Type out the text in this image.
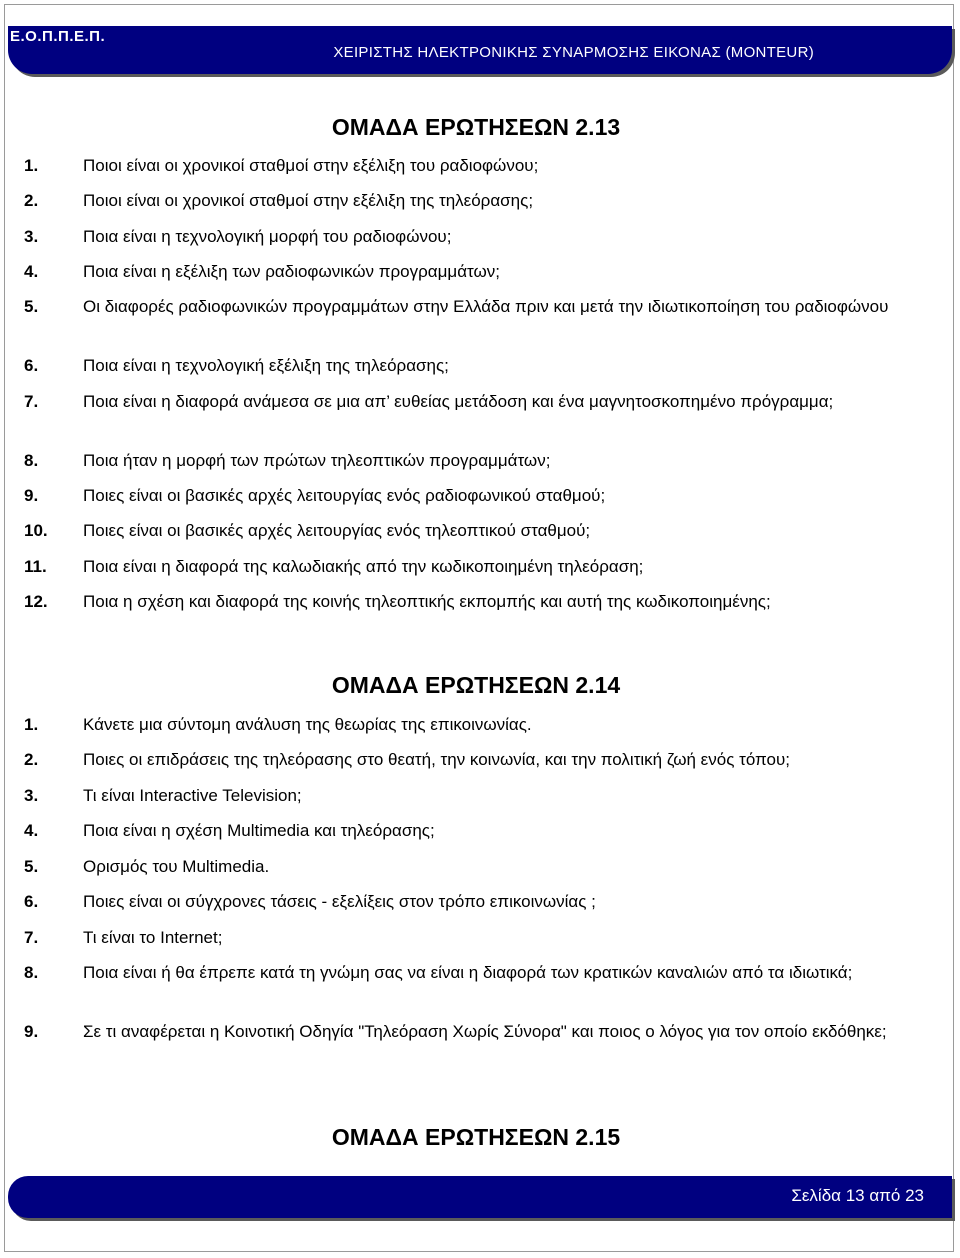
Ε.Ο.Π.Π.Ε.Π.
ΧΕΙΡΙΣΤΗΣ ΗΛΕΚΤΡΟΝΙΚΗΣ ΣΥΝΑΡΜΟΣΗΣ ΕΙΚΟΝΑΣ (MONTEUR)
ΟΜΑΔΑ ΕΡΩΤΗΣΕΩΝ 2.13
1.	Ποιοι είναι οι χρονικοί σταθμοί στην εξέλιξη του ραδιοφώνου;
2.	Ποιοι είναι οι χρονικοί σταθμοί στην εξέλιξη της τηλεόρασης;
3.	Ποια είναι η τεχνολογική μορφή του ραδιοφώνου;
4.	Ποια είναι η εξέλιξη των ραδιοφωνικών προγραμμάτων;
5.	Οι διαφορές ραδιοφωνικών προγραμμάτων στην Ελλάδα πριν και μετά την ιδιωτικοποίηση του ραδιοφώνου
6.	Ποια είναι η τεχνολογική εξέλιξη της τηλεόρασης;
7.	Ποια είναι η διαφορά ανάμεσα σε μια απ’ ευθείας μετάδοση και ένα μαγνητοσκοπημένο πρόγραμμα;
8.	Ποια ήταν η μορφή των πρώτων τηλεοπτικών προγραμμάτων;
9.	Ποιες είναι οι βασικές αρχές λειτουργίας ενός ραδιοφωνικού σταθμού;
10. Ποιες είναι οι βασικές αρχές λειτουργίας ενός τηλεοπτικού σταθμού;
11. Ποια είναι η διαφορά της καλωδιακής από την κωδικοποιημένη τηλεόραση;
12. Ποια η σχέση και διαφορά της κοινής τηλεοπτικής εκπομπής και αυτή της κωδικοποιημένης;
ΟΜΑΔΑ ΕΡΩΤΗΣΕΩΝ 2.14
1.	Κάνετε μια σύντομη ανάλυση της θεωρίας της επικοινωνίας.
2.	Ποιες οι επιδράσεις της τηλεόρασης στο θεατή, την κοινωνία, και την πολιτική ζωή ενός τόπου;
3.	Τι είναι Interactive Television;
4.	Ποια είναι η σχέση Multimedia και τηλεόρασης;
5.	Ορισμός του Multimedia.
6.	Ποιες είναι οι σύγχρονες τάσεις - εξελίξεις στον τρόπο επικοινωνίας ;
7.	Τι είναι το Internet;
8.	Ποια είναι ή θα έπρεπε κατά τη γνώμη σας να είναι η διαφορά των κρατικών καναλιών από τα ιδιωτικά;
9.	Σε τι αναφέρεται η Κοινοτική Οδηγία "Τηλεόραση Χωρίς Σύνορα" και ποιος ο λόγος για τον οποίο εκδόθηκε;
ΟΜΑΔΑ ΕΡΩΤΗΣΕΩΝ 2.15
Σελίδα 13 από 23
